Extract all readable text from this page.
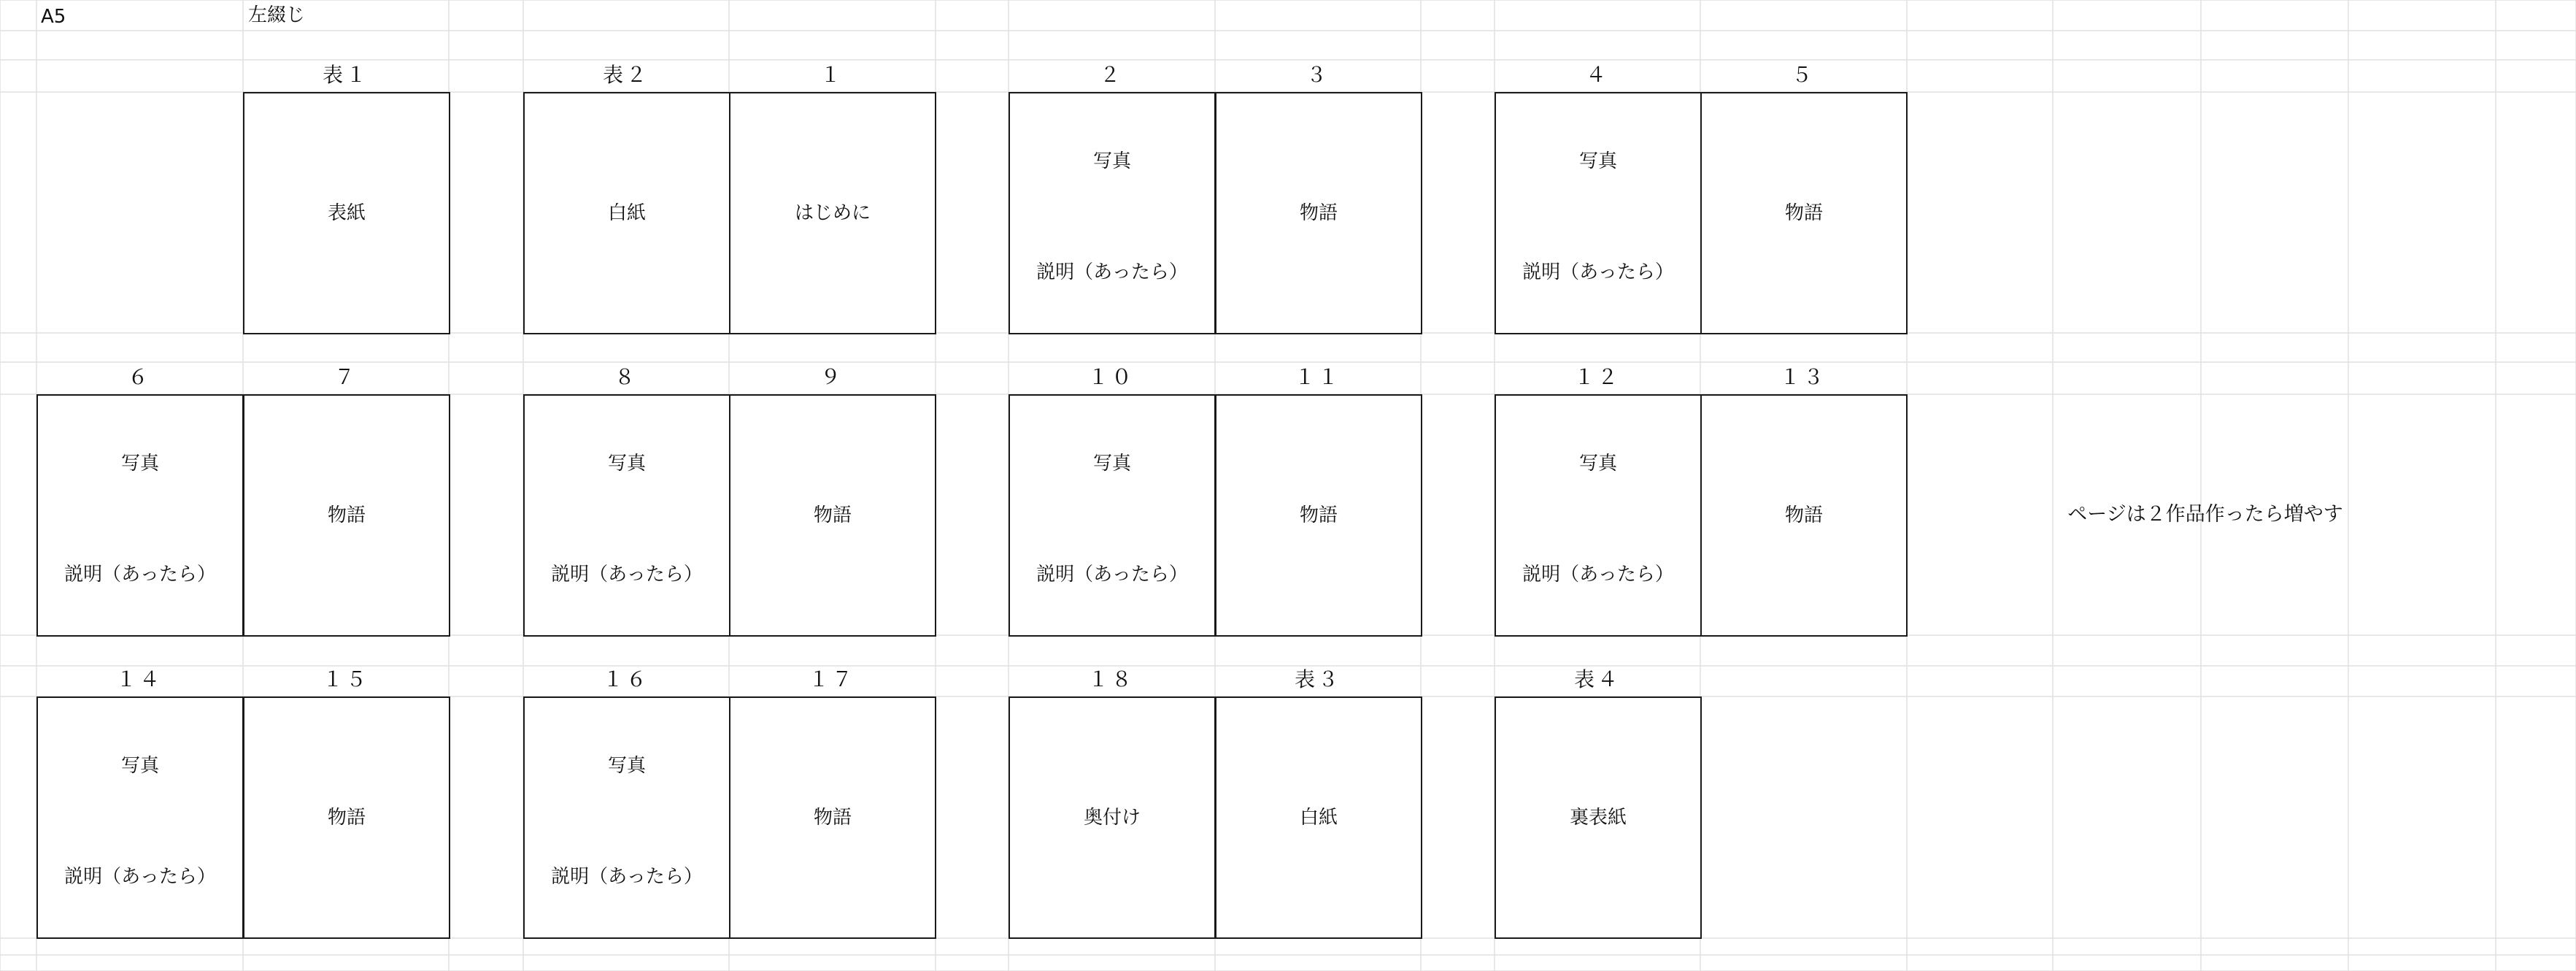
A5	左綴じ
表１
表紙
表２
白紙
１
はじめに
２
写真
説明（あったら）
３
物語
４
写真
説明（あったら）
５
物語
６
写真
説明（あったら）
７
物語
８
写真
説明（あったら）
９
物語
１０
写真
説明（あったら）
１１
物語
１２
写真
説明（あったら）
１３
物語
１４
写真
説明（あったら）
１５
物語
１６
写真
説明（あったら）
１７
物語
１８
奥付け
表３
白紙
表４
裏表紙
ページは２作品作ったら増やす
